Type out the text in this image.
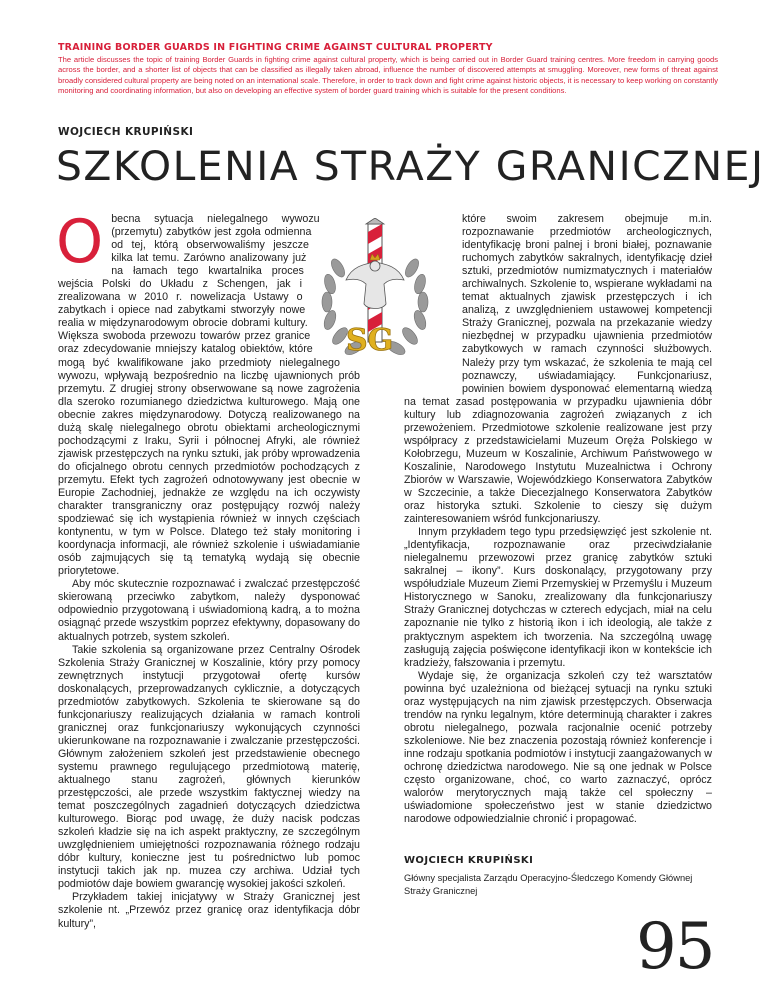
TRAINING BORDER GUARDS IN FIGHTING CRIME AGAINST CULTURAL PROPERTY
The article discusses the topic of training Border Guards in fighting crime against cultural property, which is being carried out in Border Guard training centres. More freedom in carrying goods across the border, and a shorter list of objects that can be classified as illegally taken abroad, influence the number of discovered attempts at smuggling. Moreover, new forms of threat against broadly considered cultural property are being noted on an international scale. Therefore, in order to track down and fight crime against historic objects, it is necessary to keep working on constantly monitoring and coordinating information, but also on developing an effective system of border guard training which is suitable for the present conditions.
WOJCIECH KRUPIŃSKI
SZKOLENIA STRAŻY GRANICZNEJ
SG
O becna sytuacja nielegalnego wywozu (przemytu) zabytków jest zgoła odmienna od tej, którą obserwowaliśmy jeszcze kilka lat temu. Zarówno analizowany już na łamach tego kwartalnika proces wejścia Polski do Układu z Schengen, jak i zrealizowana w 2010 r. nowelizacja Ustawy o zabytkach i opiece nad zabytkami stworzyły nowe realia w międzynarodowym obrocie dobrami kultury. Większa swoboda przewozu towarów przez granice oraz zdecydowanie mniejszy katalog obiektów, które mogą być kwalifikowane jako przedmioty nielegalnego wywozu, wpływają bezpośrednio na liczbę ujawnionych prób przemytu. Z drugiej strony obserwowane są nowe zagrożenia dla szeroko rozumianego dziedzictwa kulturowego. Mają one obecnie zakres międzynarodowy. Dotyczą realizowanego na dużą skalę nielegalnego obrotu obiektami archeologicznymi pochodzącymi z Iraku, Syrii i północnej Afryki, ale również zjawisk przestępczych na rynku sztuki, jak próby wprowadzenia do oficjalnego obrotu cennych przedmiotów pochodzących z przemytu. Efekt tych zagrożeń odnotowywany jest obecnie w Europie Zachodniej, jednakże ze względu na ich oczywisty charakter transgraniczny oraz postępujący rozwój należy spodziewać się ich wystąpienia również w innych częściach kontynentu, w tym w Polsce. Dlatego też stały monitoring i koordynacja informacji, ale również szkolenie i uświadamianie osób zajmujących się tą tematyką wydają się obecnie priorytetowe.

Aby móc skutecznie rozpoznawać i zwalczać przestępczość skierowaną przeciwko zabytkom, należy dysponować odpowiednio przygotowaną i uświadomioną kadrą, a to można osiągnąć przede wszystkim poprzez efektywny, dopasowany do aktualnych potrzeb, system szkoleń.

Takie szkolenia są organizowane przez Centralny Ośrodek Szkolenia Straży Granicznej w Koszalinie, który przy pomocy zewnętrznych instytucji przygotował ofertę kursów doskonalących, przeprowadzanych cyklicznie, a dotyczących przedmiotów zabytkowych. Szkolenia te skierowane są do funkcjonariuszy realizujących działania w ramach kontroli granicznej oraz funkcjonariuszy wykonujących czynności ukierunkowane na rozpoznawanie i zwalczanie przestępczości. Głównym założeniem szkoleń jest przedstawienie obecnego systemu prawnego regulującego przedmiotową materię, aktualnego stanu zagrożeń, głównych kierunków przestępczości, ale przede wszystkim faktycznej wiedzy na temat poszczególnych zagadnień dotyczących dziedzictwa kulturowego. Biorąc pod uwagę, że duży nacisk podczas szkoleń kładzie się na ich aspekt praktyczny, ze szczególnym uwzględnieniem umiejętności rozpoznawania różnego rodzaju dóbr kultury, konieczne jest tu pośrednictwo lub pomoc instytucji takich jak np. muzea czy archiwa. Udział tych podmiotów daje bowiem gwarancję wysokiej jakości szkoleń.

Przykładem takiej inicjatywy w Straży Granicznej jest szkolenie nt. „Przewóz przez granicę oraz identyfikacja dóbr kultury”,

które swoim zakresem obejmuje m.in. rozpoznawanie przedmiotów archeologicznych, identyfikację broni palnej i broni białej, poznawanie ruchomych zabytków sakralnych, identyfikację dzieł sztuki, przedmiotów numizmatycznych i materiałów archiwalnych. Szkolenie to, wspierane wykładami na temat aktualnych zjawisk przestępczych i ich analizą, z uwzględnieniem ustawowej kompetencji Straży Granicznej, pozwala na przekazanie wiedzy niezbędnej w przypadku ujawnienia przedmiotów zabytkowych w ramach czynności służbowych. Należy przy tym wskazać, że szkolenia te mają cel poznawczy, uświadamiający. Funkcjonariusz, powinien bowiem dysponować elementarną wiedzą na temat zasad postępowania w przypadku ujawnienia dóbr kultury lub zdiagnozowania zagrożeń związanych z ich przewożeniem. Przedmiotowe szkolenie realizowane jest przy współpracy z przedstawicielami Muzeum Oręża Polskiego w Kołobrzegu, Muzeum w Koszalinie, Archiwum Państwowego w Koszalinie, Narodowego Instytutu Muzealnictwa i Ochrony Zbiorów w Warszawie, Wojewódzkiego Konserwatora Zabytków w Szczecinie, a także Diecezjalnego Konserwatora Zabytków oraz historyka sztuki. Szkolenie to cieszy się dużym zainteresowaniem wśród funkcjonariuszy.

Innym przykładem tego typu przedsięwzięć jest szkolenie nt. „Identyfikacja, rozpoznawanie oraz przeciwdziałanie nielegalnemu przewozowi przez granicę zabytków sztuki sakralnej – ikony”. Kurs doskonalący, przygotowany przy współudziale Muzeum Ziemi Przemyskiej w Przemyślu i Muzeum Historycznego w Sanoku, zrealizowany dla funkcjonariuszy Straży Granicznej dotychczas w czterech edycjach, miał na celu zapoznanie nie tylko z historią ikon i ich ideologią, ale także z praktycznym aspektem ich tworzenia. Na szczególną uwagę zasługują zajęcia poświęcone identyfikacji ikon w kontekście ich kradzieży, fałszowania i przemytu.

Wydaje się, że organizacja szkoleń czy też warsztatów powinna być uzależniona od bieżącej sytuacji na rynku sztuki oraz występujących na nim zjawisk przestępczych. Obserwacja trendów na rynku legalnym, które determinują charakter i zakres obrotu nielegalnego, pozwala racjonalnie ocenić potrzeby szkoleniowe. Nie bez znaczenia pozostają również konferencje i inne rodzaju spotkania podmiotów i instytucji zaangażowanych w ochronę dziedzictwa narodowego. Nie są one jednak w Polsce często organizowane, choć, co warto zaznaczyć, oprócz walorów merytorycznych mają także cel społeczny – uświadomione społeczeństwo jest w stanie dziedzictwo narodowe odpowiedzialnie chronić i propagować.

WOJCIECH KRUPIŃSKI
Główny specjalista Zarządu Operacyjno-Śledczego Komendy Głównej Straży Granicznej
95
